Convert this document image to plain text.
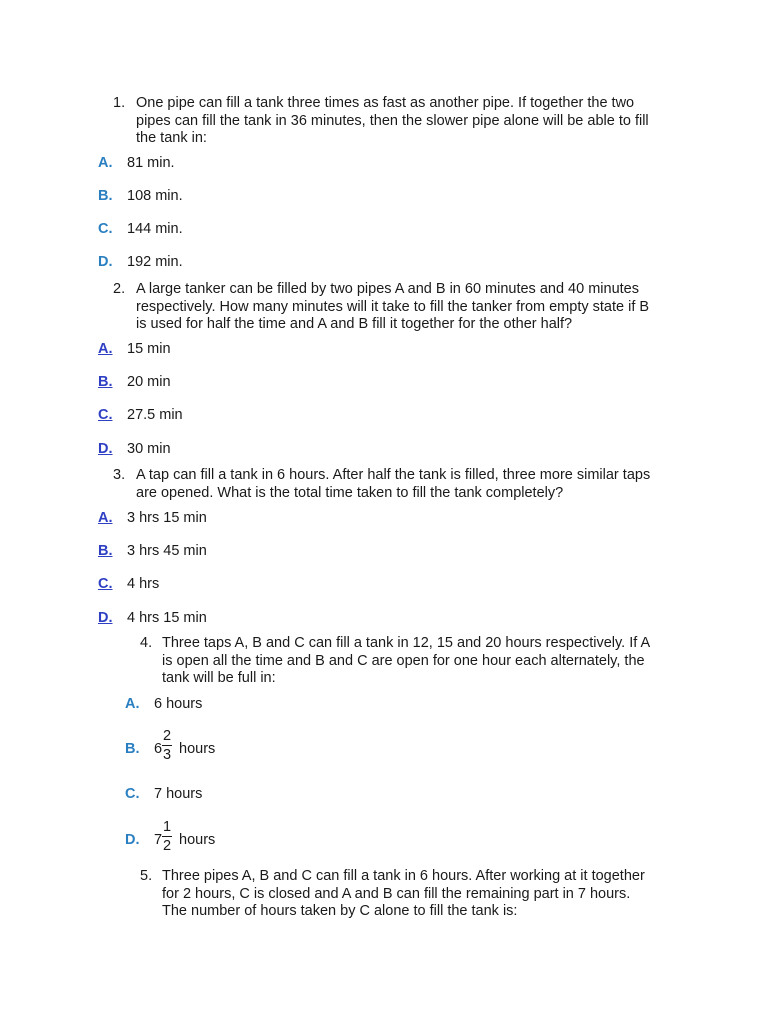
1. One pipe can fill a tank three times as fast as another pipe. If together the two
pipes can fill the tank in 36 minutes, then the slower pipe alone will be able to fill
the tank in:
A. 81 min.
B. 108 min.
C. 144 min.
D. 192 min.
2. A large tanker can be filled by two pipes A and B in 60 minutes and 40 minutes
respectively. How many minutes will it take to fill the tanker from empty state if B
is used for half the time and A and B fill it together for the other half?
A. 15 min
B. 20 min
C. 27.5 min
D. 30 min
3. A tap can fill a tank in 6 hours. After half the tank is filled, three more similar taps
are opened. What is the total time taken to fill the tank completely?
A. 3 hrs 15 min
B. 3 hrs 45 min
C. 4 hrs
D. 4 hrs 15 min
4. Three taps A, B and C can fill a tank in 12, 15 and 20 hours respectively. If A
is open all the time and B and C are open for one hour each alternately, the
tank will be full in:
A. 6 hours
B. 6
2
3 hours
C. 7 hours
D. 7
1
2 hours
5. Three pipes A, B and C can fill a tank in 6 hours. After working at it together
for 2 hours, C is closed and A and B can fill the remaining part in 7 hours.
The number of hours taken by C alone to fill the tank is:
